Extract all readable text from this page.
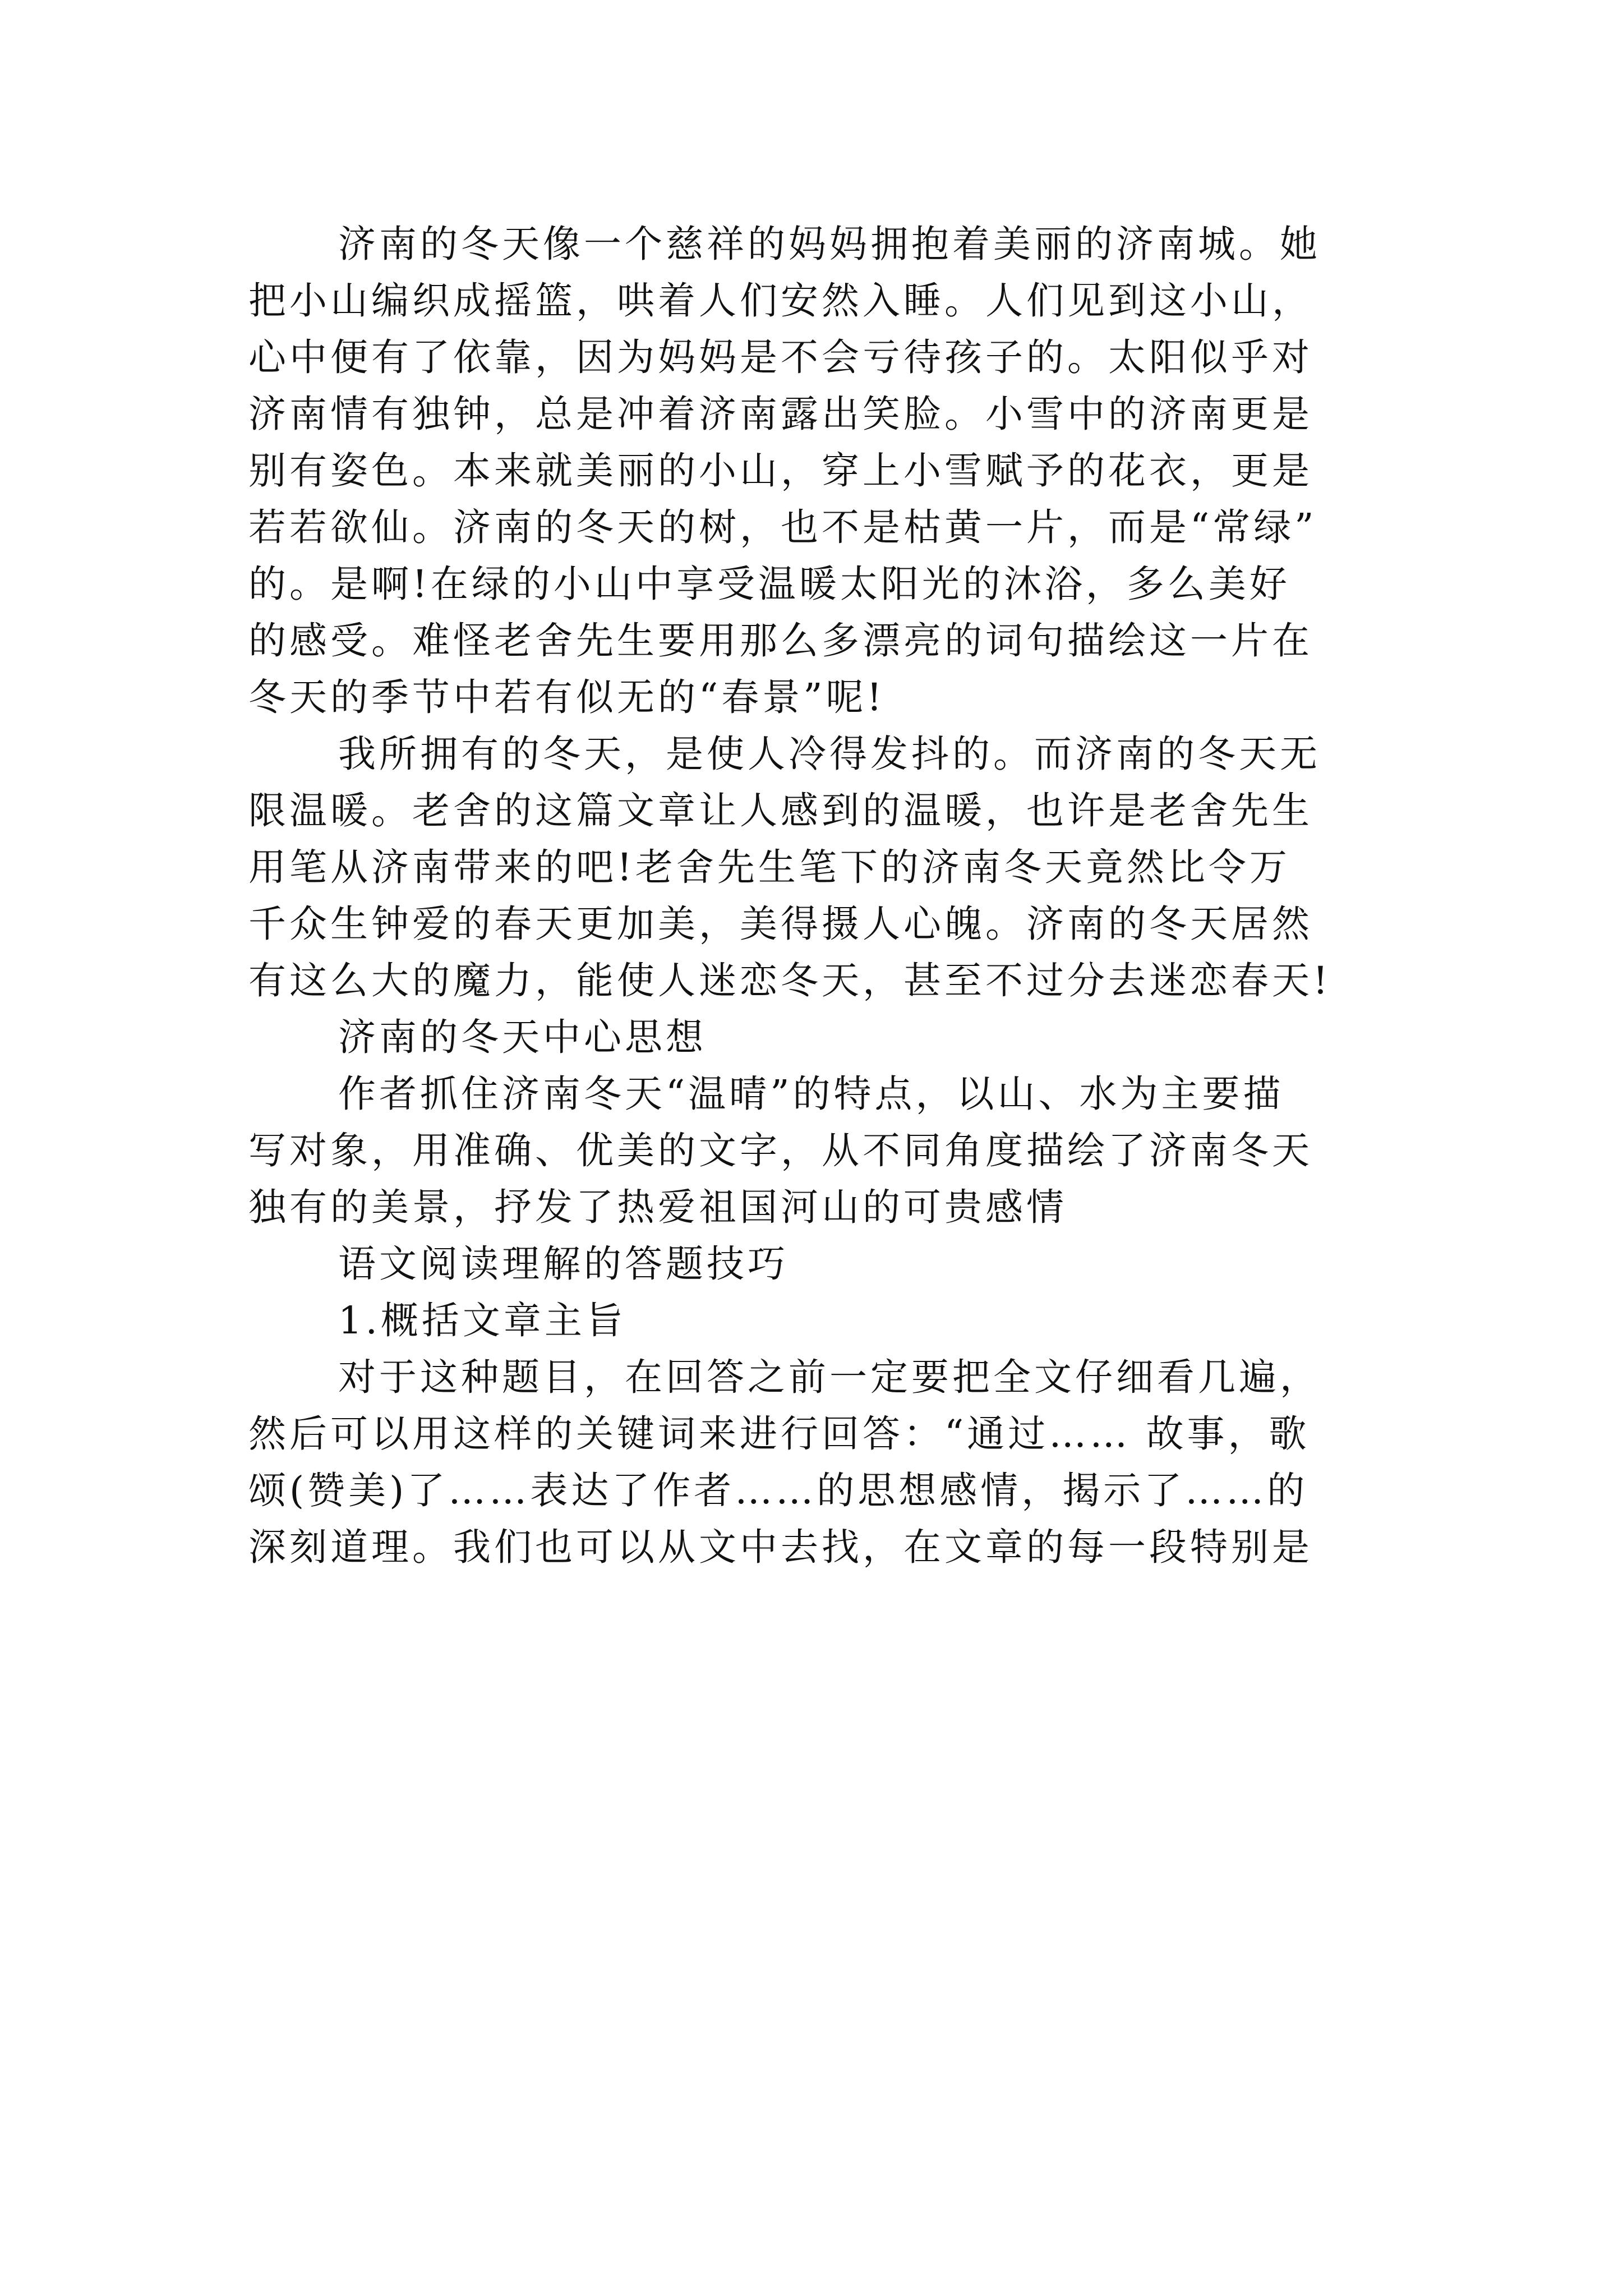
济南的冬天像一个慈祥的妈妈拥抱着美丽的济南城。她
把小山编织成摇篮，哄着人们安然入睡。人们见到这小山，
心中便有了依靠，因为妈妈是不会亏待孩子的。太阳似乎对
济南情有独钟，总是冲着济南露出笑脸。小雪中的济南更是
别有姿色。本来就美丽的小山，穿上小雪赋予的花衣，更是
若若欲仙。济南的冬天的树，也不是枯黄一片，而是“常绿”
的。是啊!在绿的小山中享受温暖太阳光的沐浴，多么美好
的感受。难怪老舍先生要用那么多漂亮的词句描绘这一片在
冬天的季节中若有似无的“春景”呢!
我所拥有的冬天，是使人冷得发抖的。而济南的冬天无
限温暖。老舍的这篇文章让人感到的温暖，也许是老舍先生
用笔从济南带来的吧!老舍先生笔下的济南冬天竟然比令万
千众生钟爱的春天更加美，美得摄人心魄。济南的冬天居然
有这么大的魔力，能使人迷恋冬天，甚至不过分去迷恋春天!
济南的冬天中心思想
作者抓住济南冬天“温晴”的特点，以山、水为主要描
写对象，用准确、优美的文字，从不同角度描绘了济南冬天
独有的美景，抒发了热爱祖国河山的可贵感情
语文阅读理解的答题技巧
1.概括文章主旨
对于这种题目，在回答之前一定要把全文仔细看几遍，
然后可以用这样的关键词来进行回答：“通过…… 故事，歌
颂(赞美)了……表达了作者……的思想感情，揭示了……的
深刻道理。我们也可以从文中去找，在文章的每一段特别是
